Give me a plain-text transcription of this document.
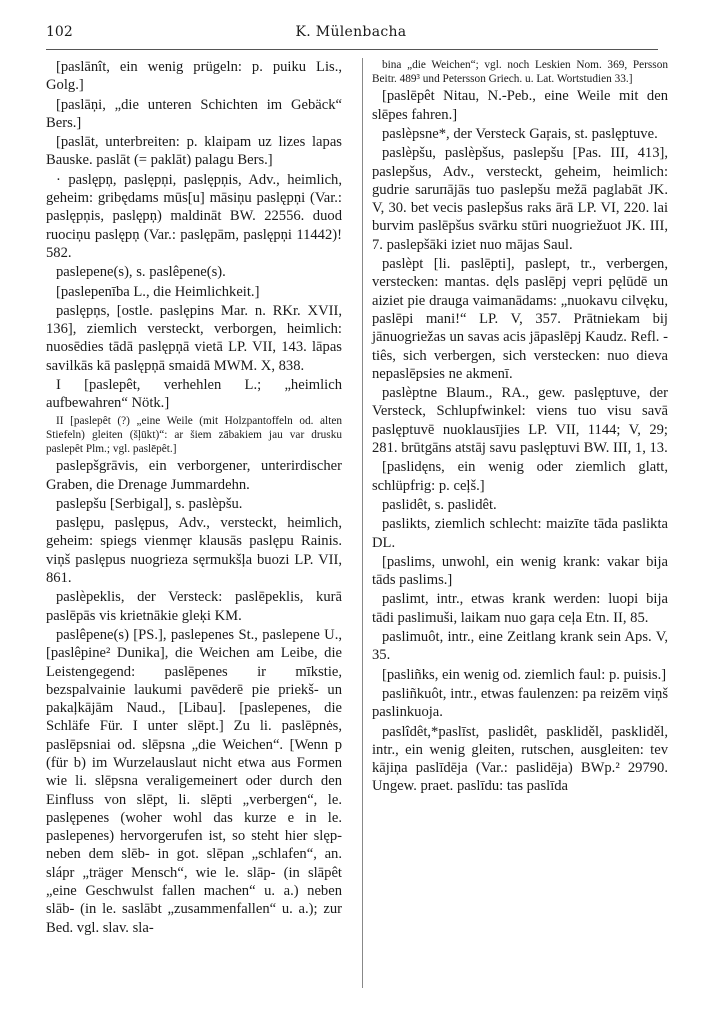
102	K. Mülenbacha

[paslānît, ein wenig prügeln: p. puiku Lis., Golg.]

[paslāņi, „die unteren Schichten im Gebäck“ Bers.]

[paslāt, unterbreiten: p. klaipam uz lizes lapas Bauske. paslāt (= paklāt) palagu Bers.]

· paslęрņ, paslęрņi, paslęрņis, Adv., heimlich, geheim: gribędams mūs[u] māsiņu paslęрņi (Var.: paslęрņis, paslęрņ) maldināt BW. 22556. duod ruociņu paslęрņ (Var.: paslęрām, paslęрņi 11442)! 582.

paslepene(s), s. paslêpene(s).

[paslepenība L., die Heimlichkeit.]

paslęрņs, [ostle. paslęрins Mar. n. RKr. XVII, 136], ziemlich versteckt, verborgen, heimlich: nuosēdies tādā paslęрņā vietā LP. VII, 143. lāpas savilkās kā paslęрņā smaidā MWM. X, 838.

I [paslepêt, verhehlen L.; „heimlich aufbewahren“ Nötk.]

II [paslepêt (?) „eine Weile (mit Holzpantoffeln od. alten Stiefeln) gleiten (šļūkt)“: ar šiem zābakiem jau var drusku paslepêt Plm.; vgl. paslēpêt.]

paslepšgrāvis, ein verborgener, unterirdischer Graben, die Drenage Jummardehn.

paslepšu [Serbigal], s. paslèpšu.

paslęрu, paslęрus, Adv., versteckt, heimlich, geheim: spiegs vienmęr klausās paslęрu Rainis. viņš paslęрus nuogrieza sęrmukšļa buozi LP. VII, 861.

paslèpeklis, der Versteck: paslēpeklis, kurā paslēpās vis krietnākie gleķi KM.

paslêpene(s) [PS.], paslepenes St., paslepene U., [paslêpine² Dunika], die Weichen am Leibe, die Leistengegend: paslēpenes ir mīkstie, bezspalvainie laukumi pavēderē pie priekš- un pakaļkājām Naud., [Libau]. [paslepenes, die Schläfe Für. I unter slēpt.] Zu li. paslēpnės, paslēpsniai od. slēpsna „die Weichen“. [Wenn p (für b) im Wurzelauslaut nicht etwa aus Formen wie li. slēpsna veraligemeinert oder durch den Einfluss von slēpt, li. slēpti „verbergen“, le. paslęрenes (woher wohl das kurze e in le. paslepenes) hervorgerufen ist, so steht hier slęр- neben dem slēb- in got. slēpan „schlafen“, an. slápr „träger Mensch“, wie le. slāp- (in slāpêt „eine Geschwulst fallen machen“ u. a.) neben slāb- (in le. saslābt „zusammenfallen“ u. a.); zur Bed. vgl. slav. sla-

bina „die Weichen“; vgl. noch Leskien Nom. 369, Persson Beitr. 489³ und Petersson Griech. u. Lat. Wortstudien 33.]

[paslēpêt Nitau, N.-Peb., eine Weile mit den slēpes fahren.]

paslèpsne*, der Versteck Gaŗais, st. paslęрtuve.

paslèpšu, paslèpšus, paslepšu [Pas. III, 413], paslepšus, Adv., versteckt, geheim, heimlich: gudrie saruпājās tuo paslepšu mežā paglabāt JK. V, 30. bet vecis paslepšus raks ārā LP. VI, 220. lai burvim paslēpšus svārku stūri nuogriežuot JK. III, 7. paslepšāki iziet nuo mājas Saul.

paslèpt [li. paslēpti], paslept, tr., verbergen, verstecken: mantas. dęls paslēpj vepri pęlūdē un aiziet pie drauga vaimanādams: „nuokavu cilvęku, paslēpi mani!“ LP. V, 357. Prātniekam bij jānuogriežas un savas acis jāpaslēpj Kaudz. Refl. -tiês, sich verbergen, sich verstecken: nuo dieva nepaslēpsies ne akmenī.

paslèptne Blaum., RA., gew. paslęрtuve, der Versteck, Schlupfwinkel: viens tuo visu savā paslęрtuvē nuoklausījies LP. VII, 1144; V, 29; 281. brūtgāns atstāj savu paslęрtuvi BW. III, 1, 13.

[paslidęns, ein wenig oder ziemlich glatt, schlüpfrig: p. ceļš.]

paslidêt, s. paslidêt.

paslikts, ziemlich schlecht: maizīte tāda paslikta DL.

[paslims, unwohl, ein wenig krank: vakar bija tāds paslims.]

paslimt, intr., etwas krank werden: luopi bija tādi paslimuši, laikam nuo gaŗa ceļa Etn. II, 85.

paslimuôt, intr., eine Zeitlang krank sein Aps. V, 35.

[pasliñks, ein wenig od. ziemlich faul: p. puisis.]

pasliñkuôt, intr., etwas faulenzen: pa reizēm viņš paslinkuoja.

paslîdêt,*paslīst, paslidêt, paskliděl, paskliděl, intr., ein wenig gleiten, rutschen, ausgleiten: tev kājiņa paslīdēja (Var.: paslidēja) BWp.² 29790. Ungew. praet. paslīdu: tas paslīda
